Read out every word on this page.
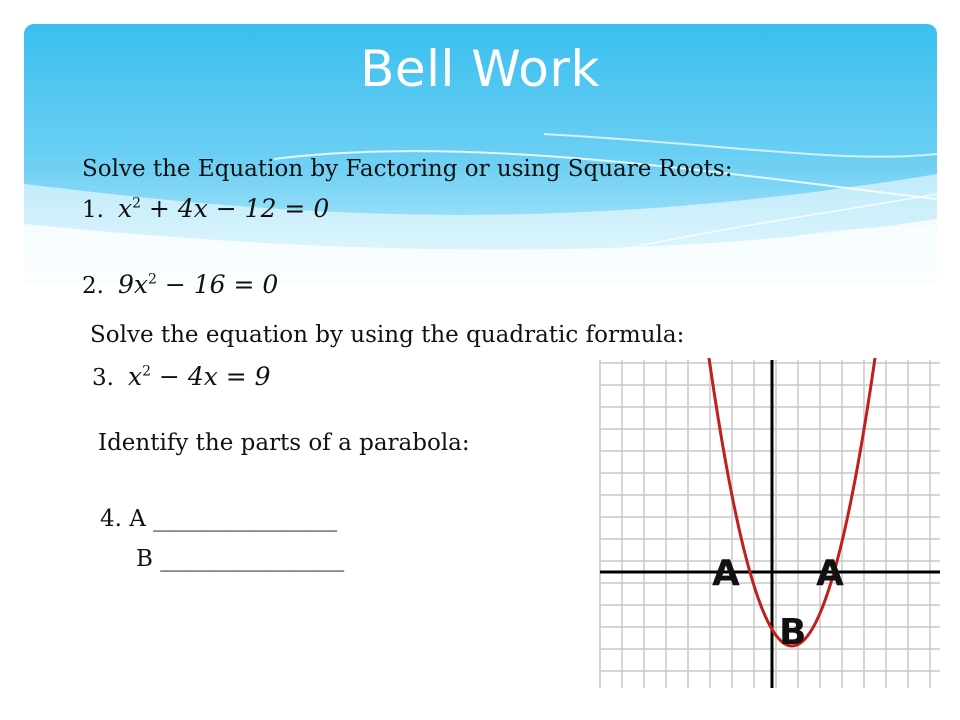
Bell Work
Solve the Equation by Factoring or using Square Roots:
1. $x^2 + 4x - 12 = 0$
2. $9x^2 - 16 = 0$
Solve the equation by using the quadratic formula:
3. $x^2 - 4x = 9$
Identify the parts of a parabola:
4. A ________________
B ________________	A A
B
